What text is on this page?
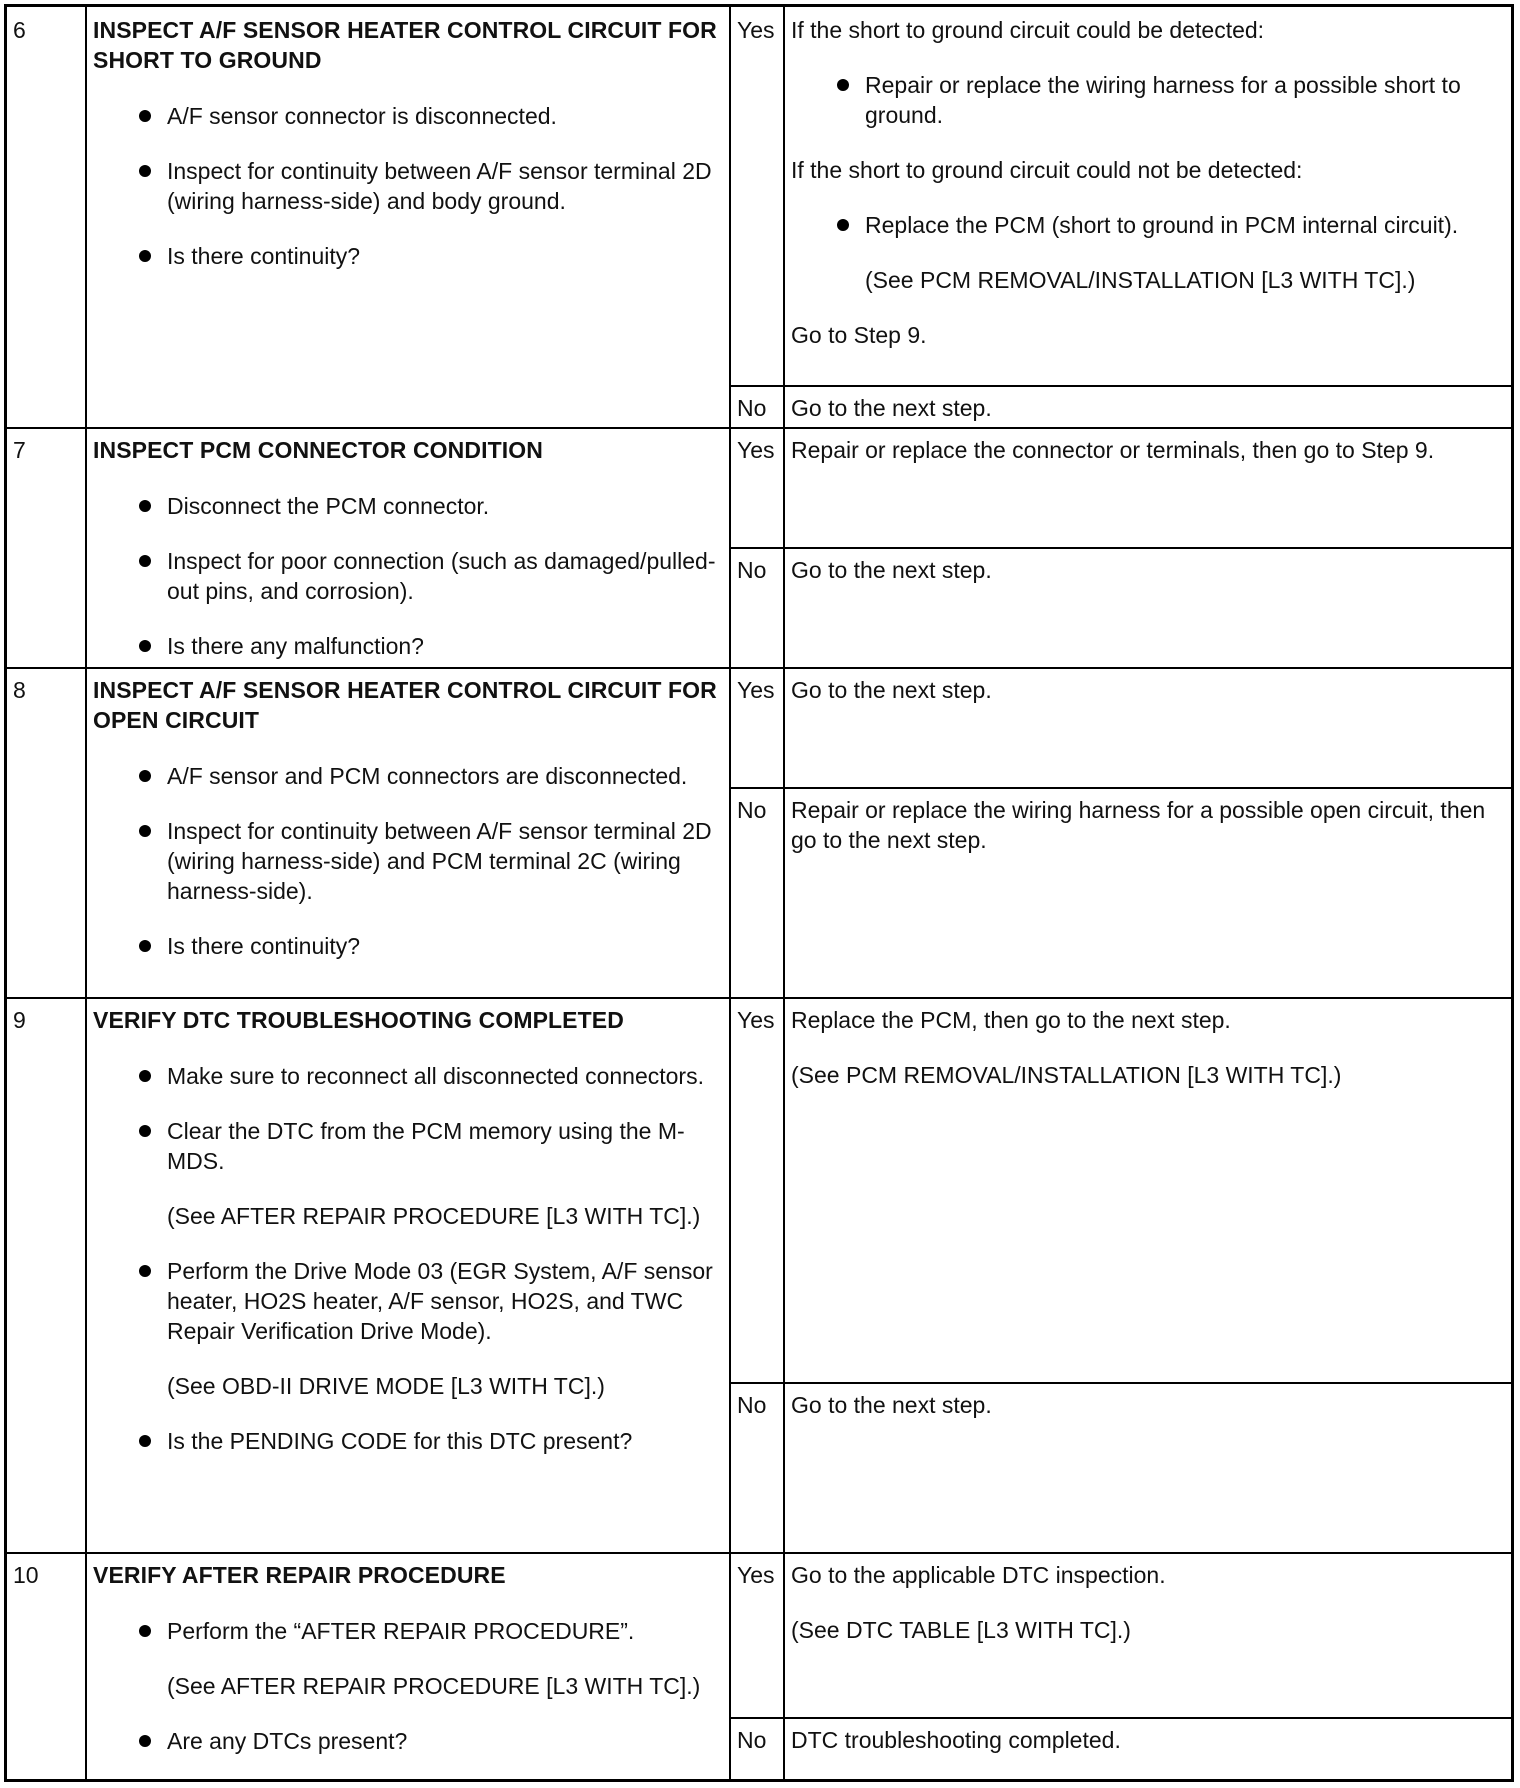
6	INSPECT A/F SENSOR HEATER CONTROL CIRCUIT FOR SHORT TO GROUND
A/F sensor connector is disconnected.
Inspect for continuity between A/F sensor terminal 2D (wiring harness-side) and body ground.
Is there continuity?
Yes If the short to ground circuit could be detected:

Repair or replace the wiring harness for a possible short to ground.

If the short to ground circuit could not be detected:

Replace the PCM (short to ground in PCM internal circuit).
(See PCM REMOVAL/INSTALLATION [L3 WITH TC].)

Go to Step 9.

No	Go to the next step.
7	INSPECT PCM CONNECTOR CONDITION
Disconnect the PCM connector.
Inspect for poor connection (such as damaged/pulled-out pins, and corrosion).
Is there any malfunction?
Yes Repair or replace the connector or terminals, then go to Step 9.
No	Go to the next step.
8	INSPECT A/F SENSOR HEATER CONTROL CIRCUIT FOR OPEN CIRCUIT
A/F sensor and PCM connectors are disconnected.
Inspect for continuity between A/F sensor terminal 2D (wiring harness-side) and PCM terminal 2C (wiring harness-side).
Is there continuity?
Yes Go to the next step.
No	Repair or replace the wiring harness for a possible open circuit, then go to the next step.
9	VERIFY DTC TROUBLESHOOTING COMPLETED
Make sure to reconnect all disconnected connectors.
Clear the DTC from the PCM memory using the M-MDS.
(See AFTER REPAIR PROCEDURE [L3 WITH TC].)
Perform the Drive Mode 03 (EGR System, A/F sensor heater, HO2S heater, A/F sensor, HO2S, and TWC Repair Verification Drive Mode).
(See OBD-II DRIVE MODE [L3 WITH TC].)
Is the PENDING CODE for this DTC present?
Yes Replace the PCM, then go to the next step.

(See PCM REMOVAL/INSTALLATION [L3 WITH TC].)

No	Go to the next step.
10	VERIFY AFTER REPAIR PROCEDURE
Perform the “AFTER REPAIR PROCEDURE”.
(See AFTER REPAIR PROCEDURE [L3 WITH TC].)
Are any DTCs present?
Yes Go to the applicable DTC inspection.

(See DTC TABLE [L3 WITH TC].)

No	DTC troubleshooting completed.
